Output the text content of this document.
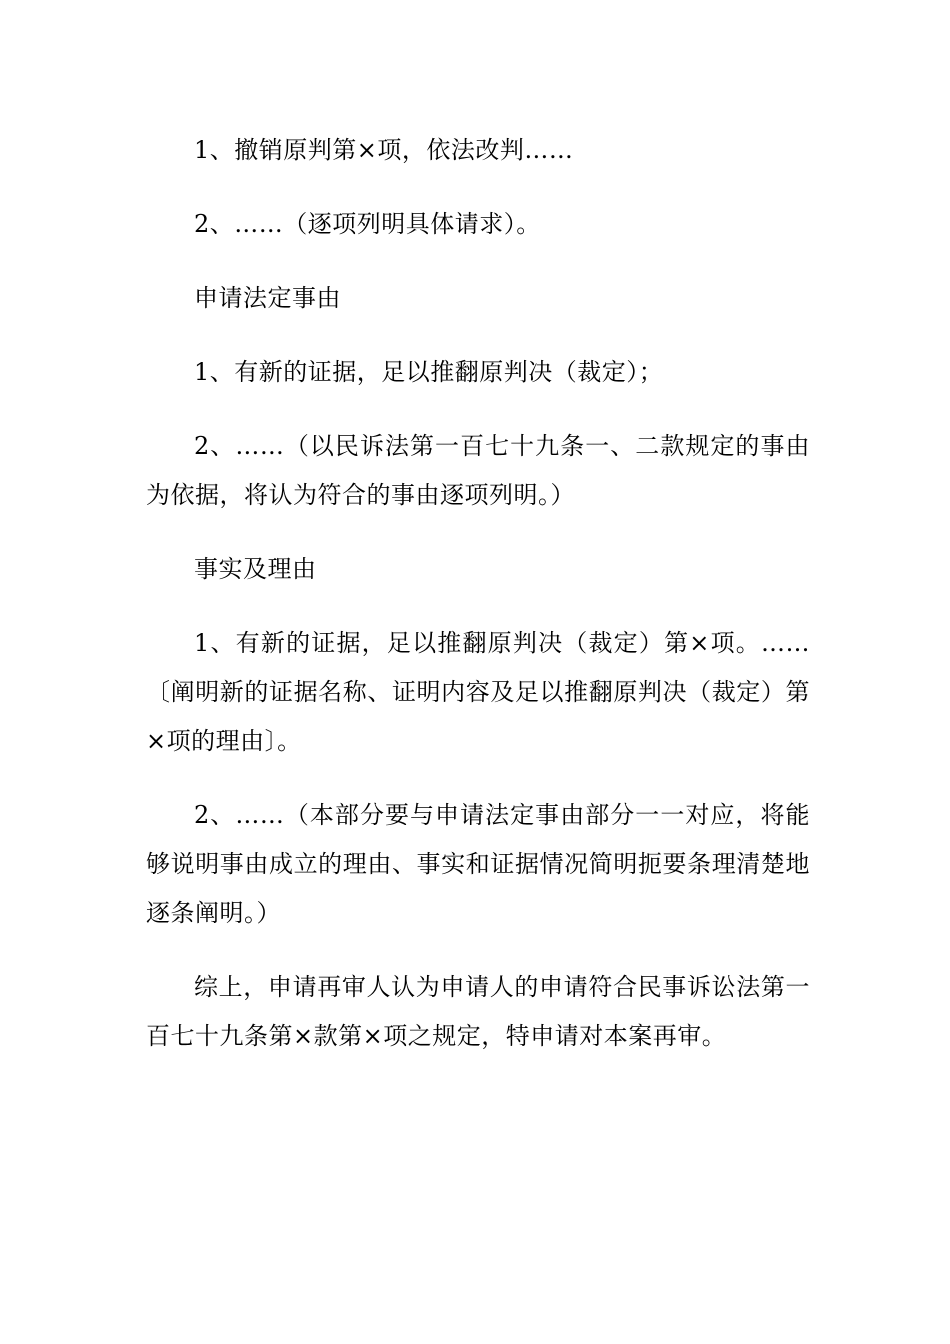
1、撤销原判第×项，依法改判……

2、……（逐项列明具体请求）。

申请法定事由

1、有新的证据，足以推翻原判决（裁定）；

2、……（以民诉法第一百七十九条一、二款规定的事由为依据，将认为符合的事由逐项列明。）

事实及理由

1、有新的证据，足以推翻原判决（裁定）第×项。……〔阐明新的证据名称、证明内容及足以推翻原判决（裁定）第×项的理由〕。

2、……（本部分要与申请法定事由部分一一对应，将能够说明事由成立的理由、事实和证据情况简明扼要条理清楚地逐条阐明。）

综上，申请再审人认为申请人的申请符合民事诉讼法第一百七十九条第×款第×项之规定，特申请对本案再审。
